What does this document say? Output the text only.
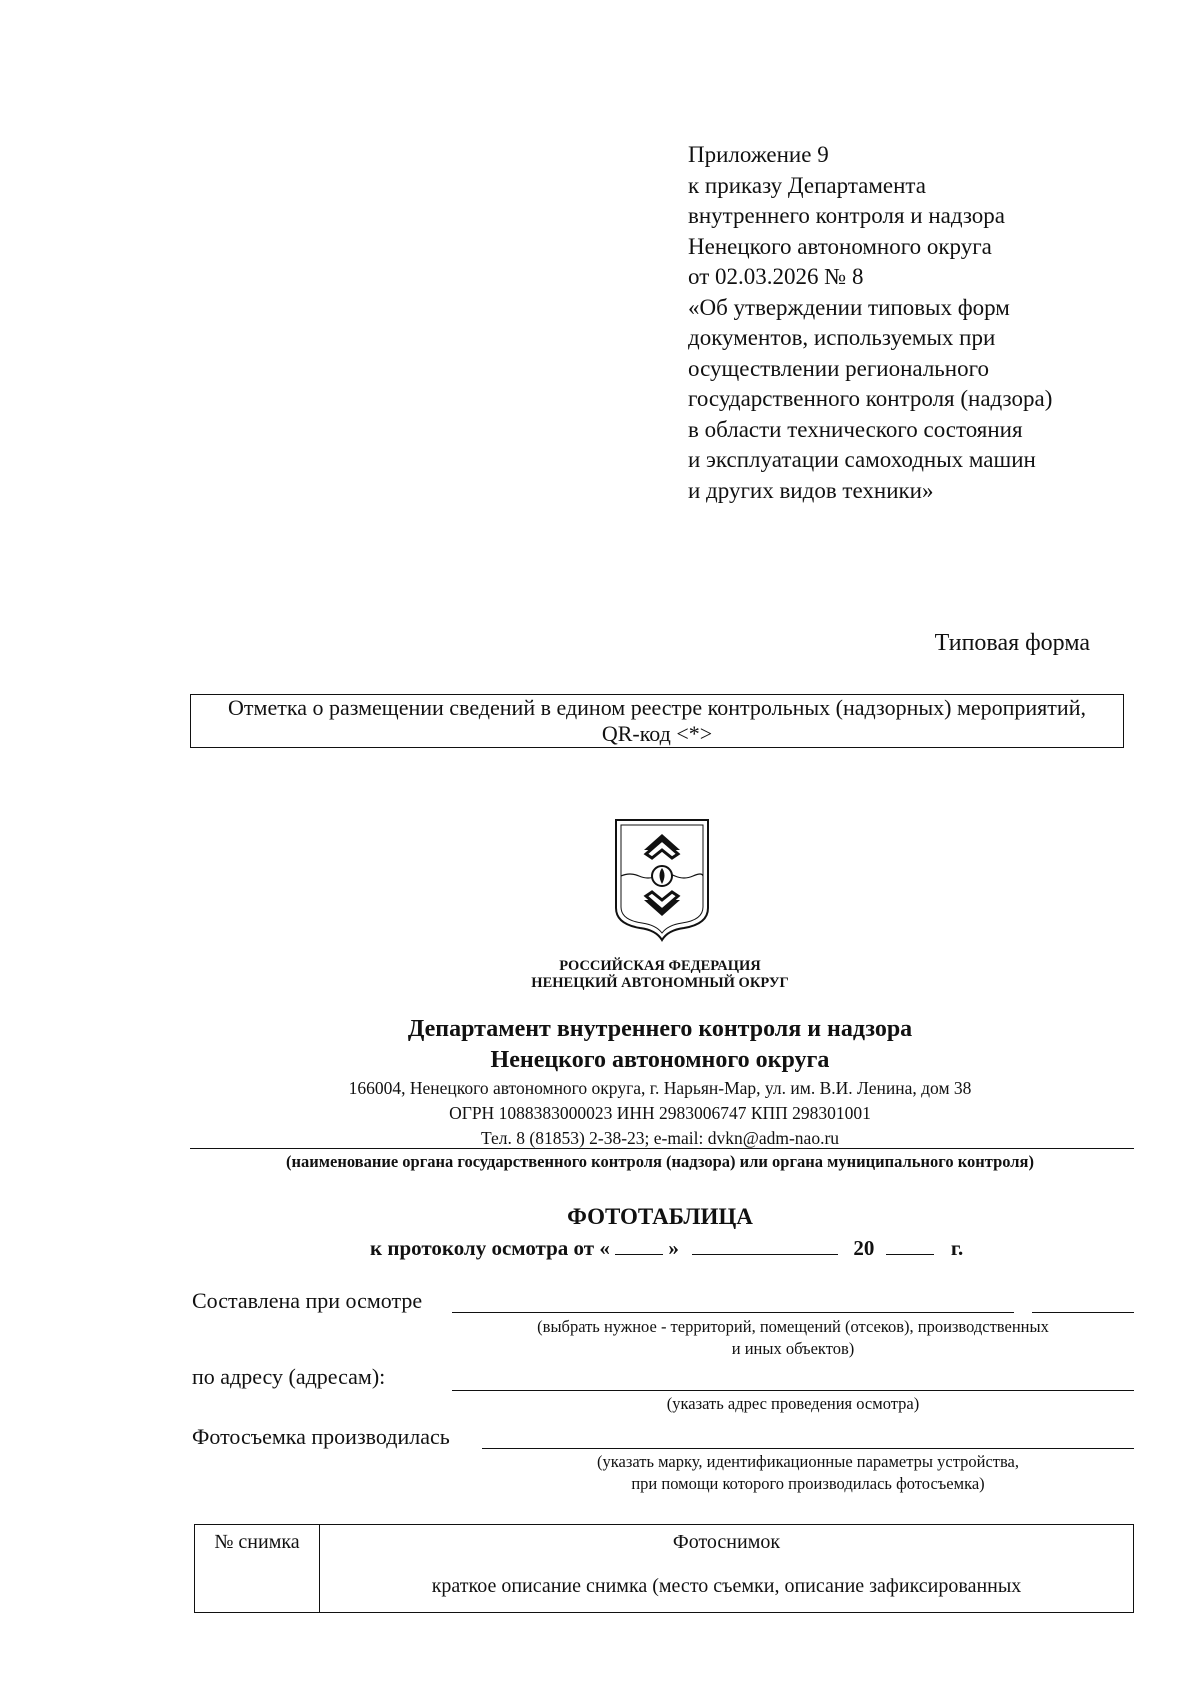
Приложение 9
к приказу Департамента
внутреннего контроля и надзора
Ненецкого автономного округа
от 02.03.2026 № 8
«Об утверждении типовых форм
документов, используемых при
осуществлении регионального
государственного контроля (надзора)
в области технического состояния
и эксплуатации самоходных машин
и других видов техники»
Типовая форма
Отметка о размещении сведений в едином реестре контрольных (надзорных) мероприятий,
QR-код <*>
РОССИЙСКАЯ ФЕДЕРАЦИЯ
НЕНЕЦКИЙ АВТОНОМНЫЙ ОКРУГ
Департамент внутреннего контроля и надзора
Ненецкого автономного округа
166004, Ненецкого автономного округа, г. Нарьян-Мар, ул. им. В.И. Ленина, дом 38
ОГРН 1088383000023 ИНН 2983006747 КПП 298301001
Тел. 8 (81853) 2-38-23; e-mail: dvkn@adm-nao.ru
(наименование органа государственного контроля (надзора) или органа муниципального контроля)
ФОТОТАБЛИЦА
к протоколу осмотра от «	»	20	г.
Составлена при осмотре
(выбрать нужное - территорий, помещений (отсеков), производственных
и иных объектов)
по адресу (адресам):
(указать адрес проведения осмотра)
Фотосъемка производилась
(указать марку, идентификационные параметры устройства,
при помощи которого производилась фотосъемка)
№ снимка	Фотоснимок
краткое описание снимка (место съемки, описание зафиксированных
